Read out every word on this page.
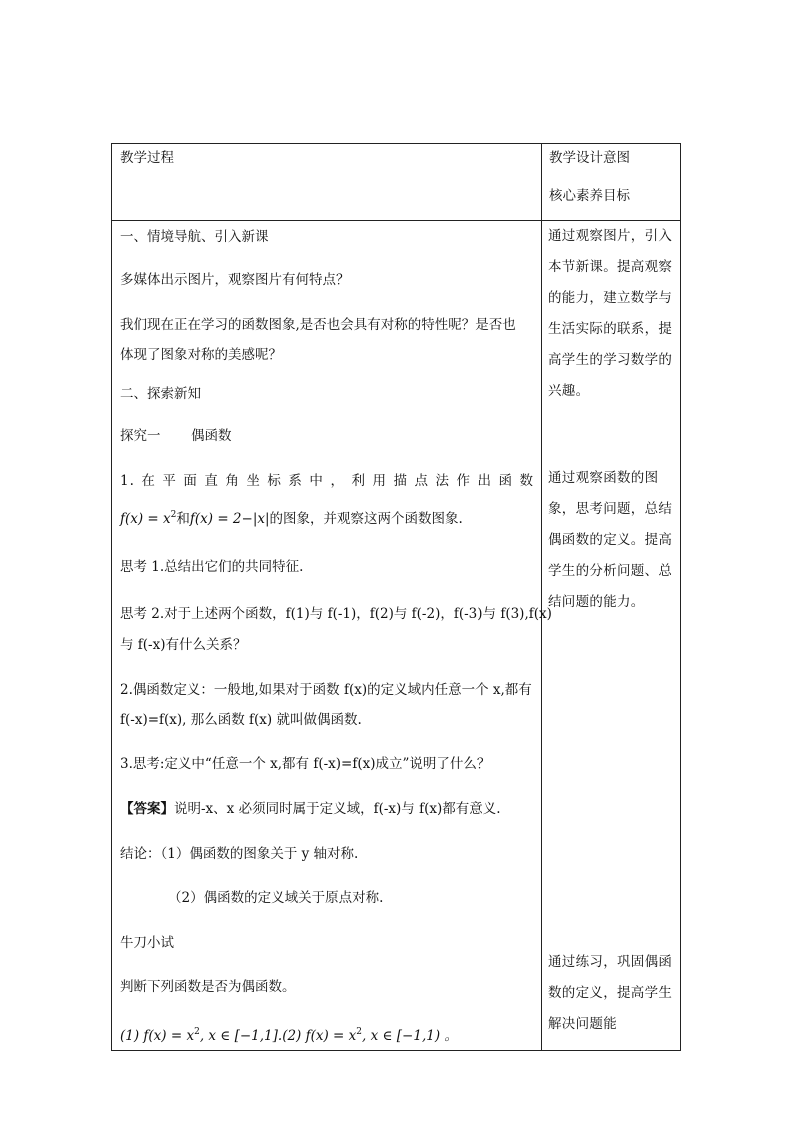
教学过程	教学设计意图
核心素养目标
一、情境导航、引入新课
多媒体出示图片，观察图片有何特点？
我们现在正在学习的函数图象,是否也会具有对称的特性呢？是否也
体现了图象对称的美感呢？
二、探索新知
探究一 偶函数
1.在平面直角坐标系中，利用描点法作出函数
$f(x) = x^2$和f(x) = 2−|x|的图象，并观察这两个函数图象.
思考 1.总结出它们的共同特征.
思考 2.对于上述两个函数，f(1)与 f(-1)，f(2)与 f(-2)，f(-3)与 f(3),f(x)
与 f(-x)有什么关系？
2.偶函数定义：一般地,如果对于函数 f(x)的定义域内任意一个 x,都有
f(-x)=f(x), 那么函数 f(x) 就叫做偶函数.
3.思考:定义中“任意一个 x,都有 f(-x)=f(x)成立”说明了什么？
【答案】说明-x、x 必须同时属于定义域，f(-x)与 f(x)都有意义.
结论：（1）偶函数的图象关于 y 轴对称.
（2）偶函数的定义域关于原点对称.
牛刀小试
判断下列函数是否为偶函数。
(1) $f(x) = x^2$, x ∈ [−1,1].(2) $f(x) = x^2$, x ∈ [−1,1) 。
通过观察图片，引入本节新课。提高观察的能力，建立数学与生活实际的联系，提高学生的学习数学的兴趣。
通过观察函数的图象，思考问题，总结偶函数的定义。提高学生的分析问题、总结问题的能力。
通过练习，巩固偶函数的定义，提高学生解决问题能
